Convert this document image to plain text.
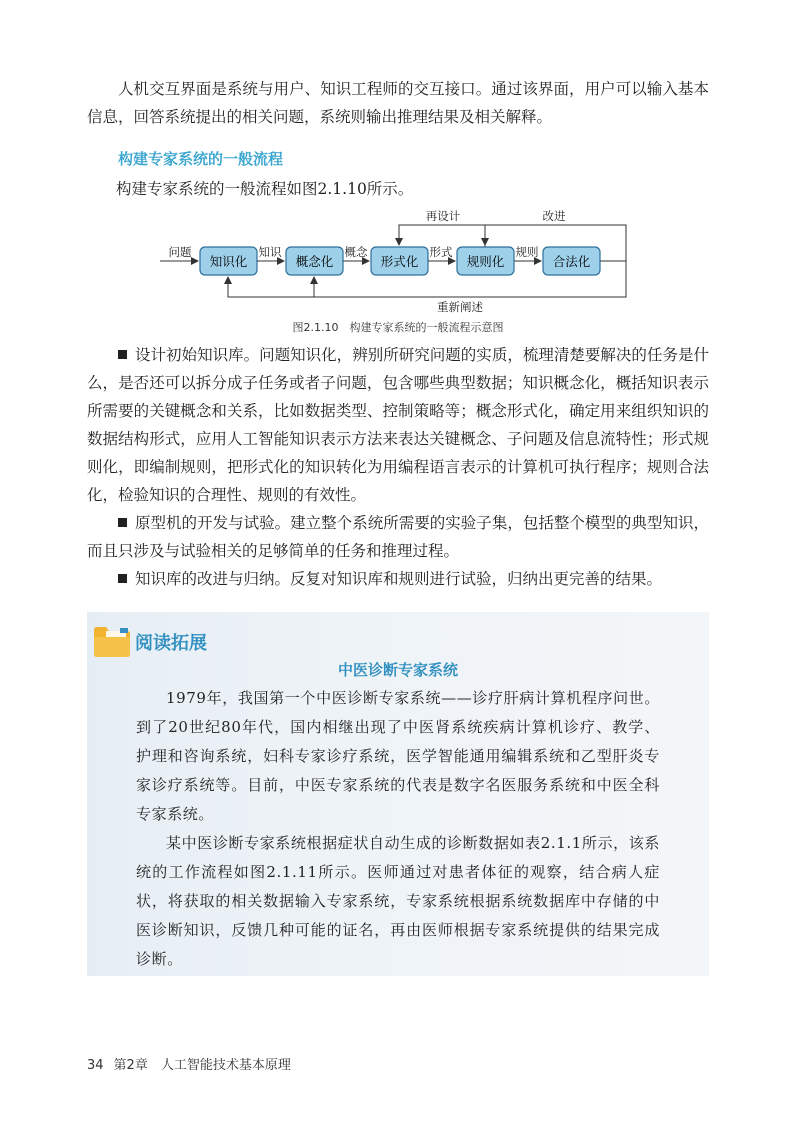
人机交互界面是系统与用户、知识工程师的交互接口。通过该界面，用户可以输入基本信息，回答系统提出的相关问题，系统则输出推理结果及相关解释。
构建专家系统的一般流程
构建专家系统的一般流程如图2.1.10所示。
知识化	概念化	形式化	规则化	合法化
问题	知识	概念	形式	规则
再设计	改进
重新阐述
图2.1.10　构建专家系统的一般流程示意图
设计初始知识库。问题知识化，辨别所研究问题的实质，梳理清楚要解决的任务是什么，是否还可以拆分成子任务或者子问题，包含哪些典型数据；知识概念化，概括知识表示所需要的关键概念和关系，比如数据类型、控制策略等；概念形式化，确定用来组织知识的数据结构形式，应用人工智能知识表示方法来表达关键概念、子问题及信息流特性；形式规则化，即编制规则，把形式化的知识转化为用编程语言表示的计算机可执行程序；规则合法化，检验知识的合理性、规则的有效性。
原型机的开发与试验。建立整个系统所需要的实验子集，包括整个模型的典型知识，而且只涉及与试验相关的足够简单的任务和推理过程。
知识库的改进与归纳。反复对知识库和规则进行试验，归纳出更完善的结果。
阅读拓展
中医诊断专家系统
1979年，我国第一个中医诊断专家系统——诊疗肝病计算机程序问世。到了20世纪80年代，国内相继出现了中医肾系统疾病计算机诊疗、教学、护理和咨询系统，妇科专家诊疗系统，医学智能通用编辑系统和乙型肝炎专家诊疗系统等。目前，中医专家系统的代表是数字名医服务系统和中医全科专家系统。
某中医诊断专家系统根据症状自动生成的诊断数据如表2.1.1所示，该系统的工作流程如图2.1.11所示。医师通过对患者体征的观察，结合病人症状，将获取的相关数据输入专家系统，专家系统根据系统数据库中存储的中医诊断知识，反馈几种可能的证名，再由医师根据专家系统提供的结果完成诊断。
34 第2章　人工智能技术基本原理
